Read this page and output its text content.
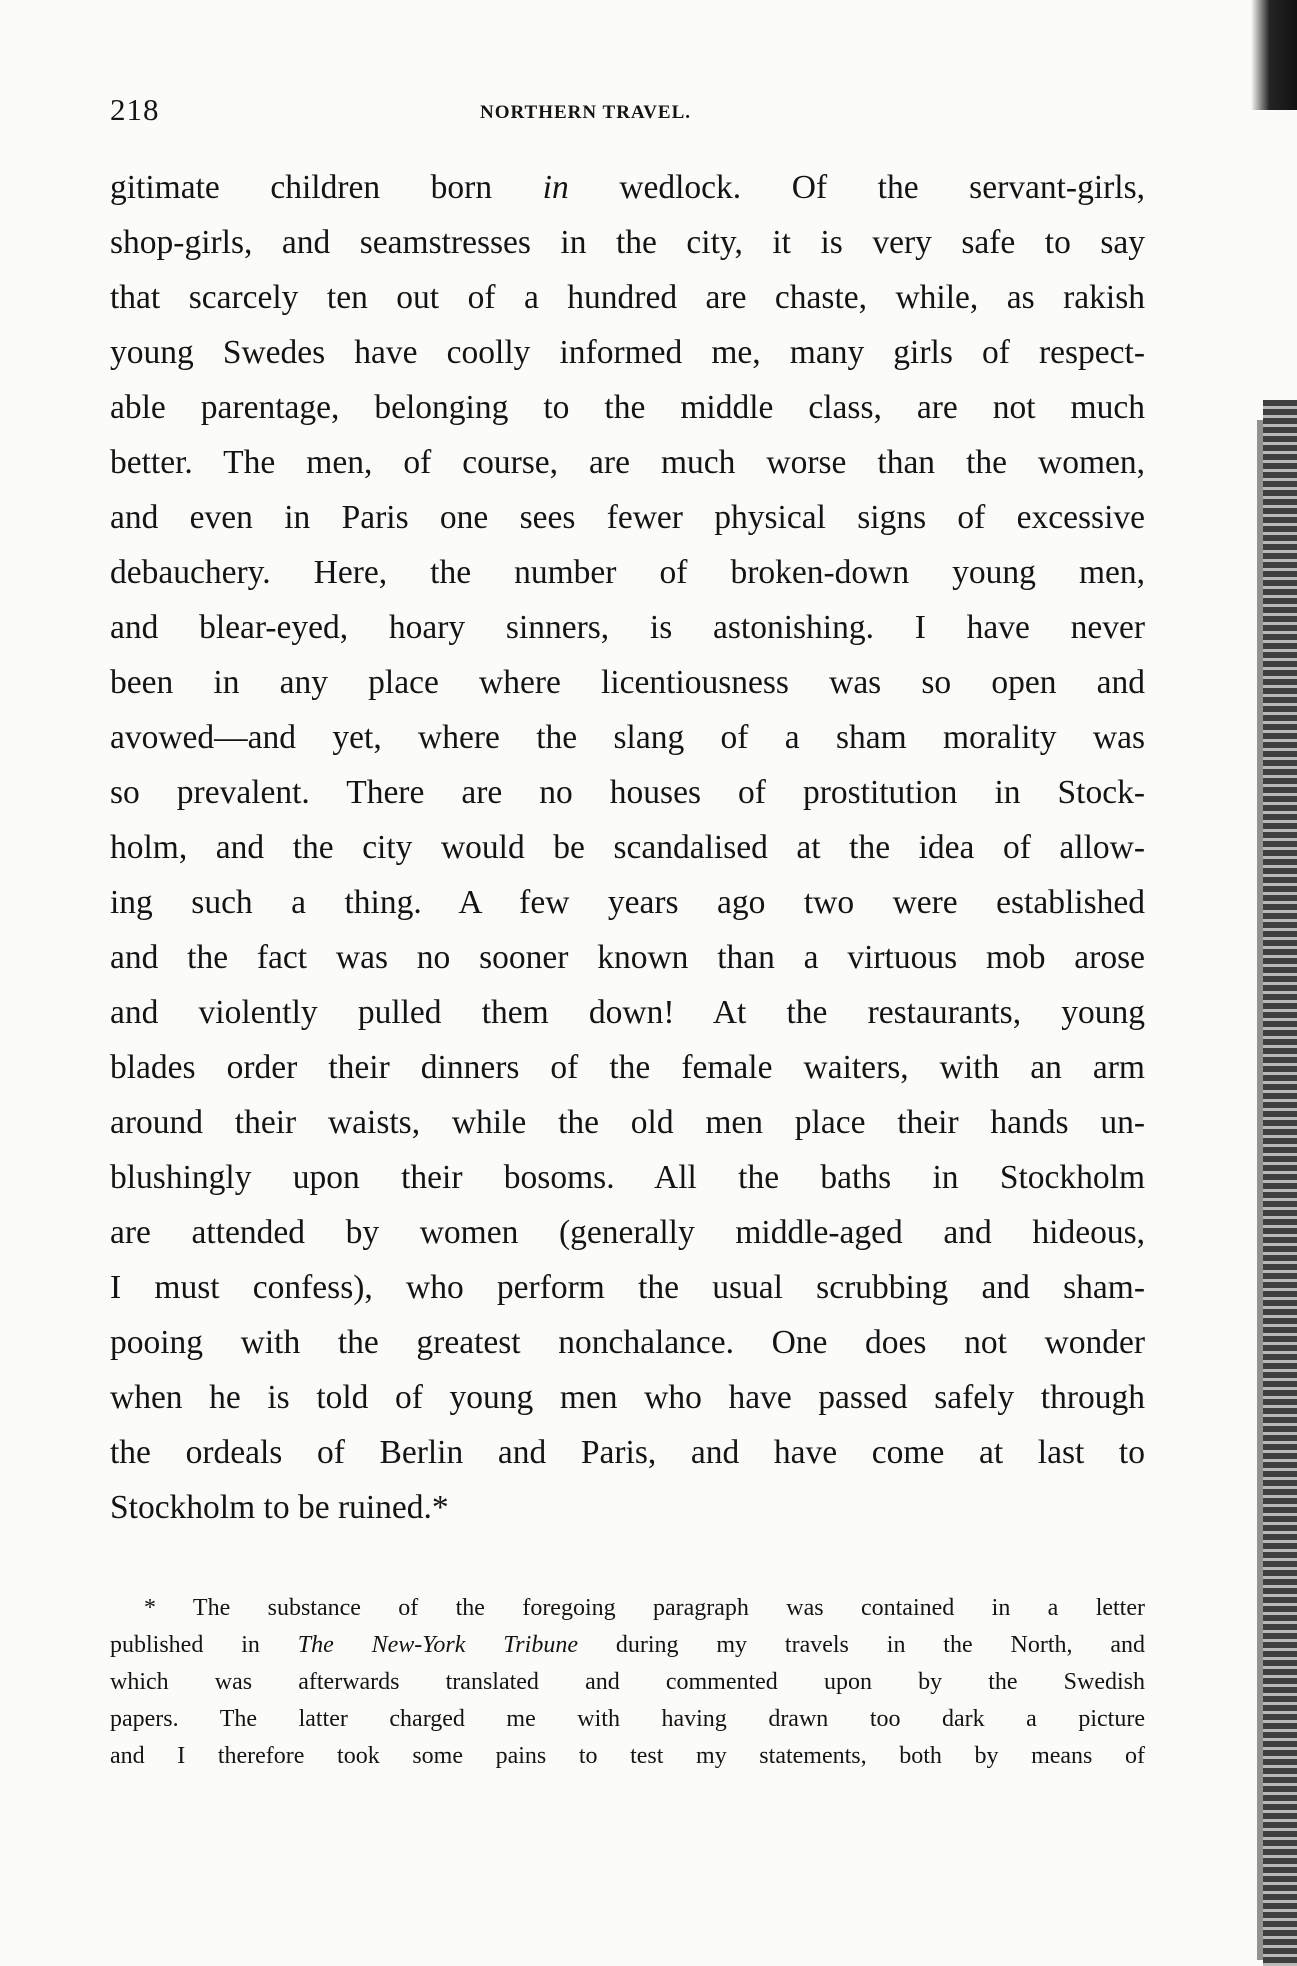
218	NORTHERN TRAVEL.
gitimate children born in wedlock. Of the servant-girls,
shop-girls, and seamstresses in the city, it is very safe to say
that scarcely ten out of a hundred are chaste, while, as rakish
young Swedes have coolly informed me, many girls of respect-
able parentage, belonging to the middle class, are not much
better. The men, of course, are much worse than the women,
and even in Paris one sees fewer physical signs of excessive
debauchery. Here, the number of broken-down young men,
and blear-eyed, hoary sinners, is astonishing. I have never
been in any place where licentiousness was so open and
avowed—and yet, where the slang of a sham morality was
so prevalent. There are no houses of prostitution in Stock-
holm, and the city would be scandalised at the idea of allow-
ing such a thing. A few years ago two were established
and the fact was no sooner known than a virtuous mob arose
and violently pulled them down! At the restaurants, young
blades order their dinners of the female waiters, with an arm
around their waists, while the old men place their hands un-
blushingly upon their bosoms. All the baths in Stockholm
are attended by women (generally middle-aged and hideous,
I must confess), who perform the usual scrubbing and sham-
pooing with the greatest nonchalance. One does not wonder
when he is told of young men who have passed safely through
the ordeals of Berlin and Paris, and have come at last to
Stockholm to be ruined.*
* The substance of the foregoing paragraph was contained in a letter
published in The New-York Tribune during my travels in the North, and
which was afterwards translated and commented upon by the Swedish
papers. The latter charged me with having drawn too dark a picture
and I therefore took some pains to test my statements, both by means of
